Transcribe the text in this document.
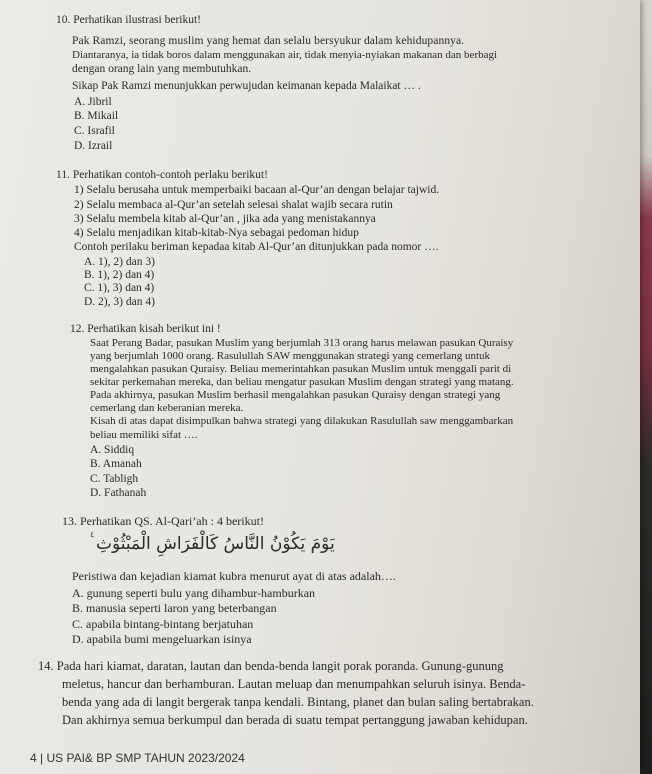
10. Perhatikan ilustrasi berikut!
Pak Ramzi, seorang muslim yang hemat dan selalu bersyukur dalam kehidupannya.
Diantaranya, ia tidak boros dalam menggunakan air, tidak menyia-nyiakan makanan dan berbagi
dengan orang lain yang membutuhkan.
Sikap Pak Ramzi menunjukkan perwujudan keimanan kepada Malaikat … .
A. Jibril
B. Mikail
C. Israfil
D. Izrail
11. Perhatikan contoh-contoh perlaku berikut!
1) Selalu berusaha untuk memperbaiki bacaan al-Qur’an dengan belajar tajwid.
2) Selalu membaca al-Qur’an setelah selesai shalat wajib secara rutin
3) Selalu membela kitab al-Qur’an , jika ada yang menistakannya
4) Selalu menjadikan kitab-kitab-Nya sebagai pedoman hidup
Contoh perilaku beriman kepadaa kitab Al-Qur’an ditunjukkan pada nomor ….
A. 1), 2) dan 3)
B. 1), 2) dan 4)
C. 1), 3) dan 4)
D. 2), 3) dan 4)
12. Perhatikan kisah berikut ini !
Saat Perang Badar, pasukan Muslim yang berjumlah 313 orang harus melawan pasukan Quraisy
yang berjumlah 1000 orang. Rasulullah SAW menggunakan strategi yang cemerlang untuk
mengalahkan pasukan Quraisy. Beliau memerintahkan pasukan Muslim untuk menggali parit di
sekitar perkemahan mereka, dan beliau mengatur pasukan Muslim dengan strategi yang matang.
Pada akhirnya, pasukan Muslim berhasil mengalahkan pasukan Quraisy dengan strategi yang
cemerlang dan keberanian mereka.
Kisah di atas dapat disimpulkan bahwa strategi yang dilakukan Rasulullah saw menggambarkan
beliau memiliki sifat ….
A. Siddiq
B. Amanah
C. Tabligh
D. Fathanah
13. Perhatikan QS. Al-Qari’ah : 4 berikut!
٤ يَوْمَ يَكُوْنُ النَّاسُ كَالْفَرَاشِ الْمَبْثُوْثِ
Peristiwa dan kejadian kiamat kubra menurut ayat di atas adalah….
A. gunung seperti bulu yang dihambur-hamburkan
B. manusia seperti laron yang beterbangan
C. apabila bintang-bintang berjatuhan
D. apabila bumi mengeluarkan isinya
14. Pada hari kiamat, daratan, lautan dan benda-benda langit porak poranda. Gunung-gunung
meletus, hancur dan berhamburan. Lautan meluap dan menumpahkan seluruh isinya. Benda-
benda yang ada di langit bergerak tanpa kendali. Bintang, planet dan bulan saling bertabrakan.
Dan akhirnya semua berkumpul dan berada di suatu tempat pertanggung jawaban kehidupan.
4 | US PAI& BP SMP TAHUN 2023/2024
